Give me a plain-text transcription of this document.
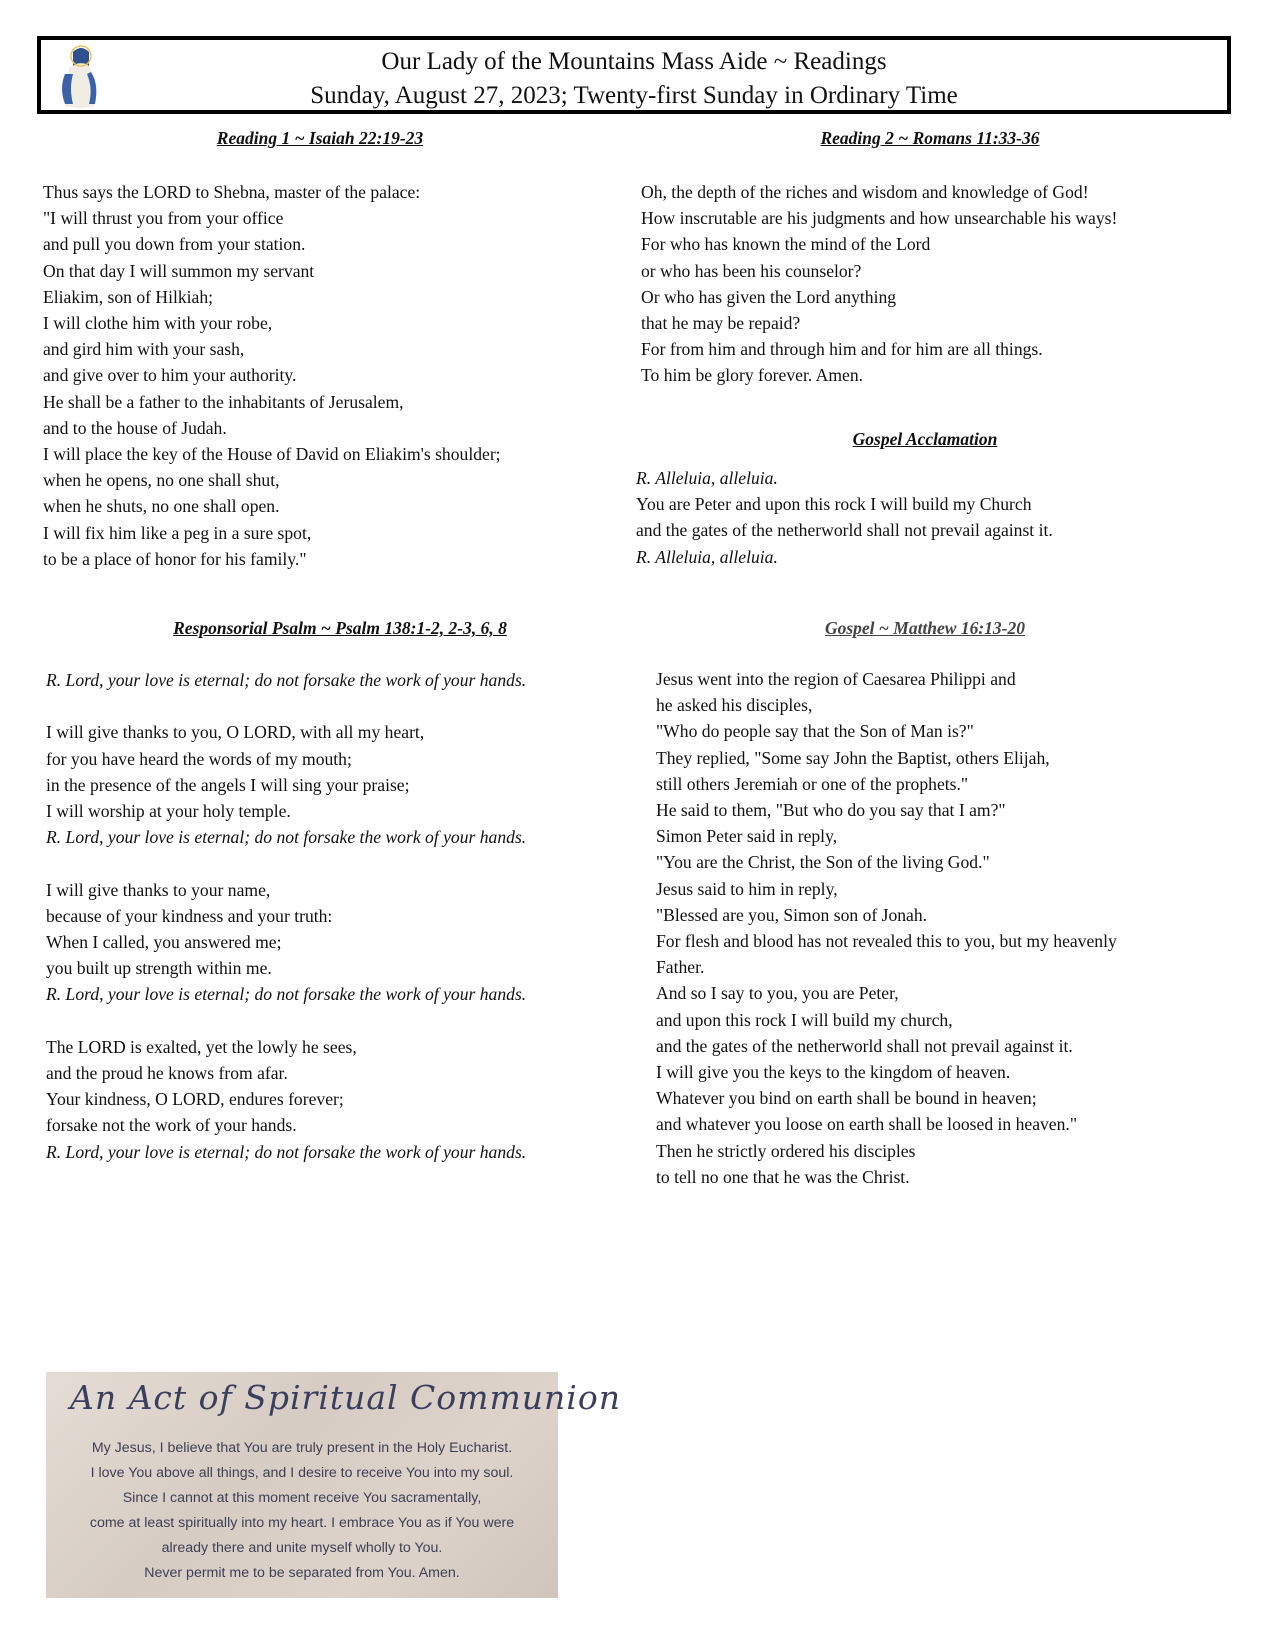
Our Lady of the Mountains Mass Aide ~ Readings
Sunday, August 27, 2023; Twenty-first Sunday in Ordinary Time
Reading 1 ~ Isaiah 22:19-23
Thus says the LORD to Shebna, master of the palace:
"I will thrust you from your office
and pull you down from your station.
On that day I will summon my servant
Eliakim, son of Hilkiah;
I will clothe him with your robe,
and gird him with your sash,
and give over to him your authority.
He shall be a father to the inhabitants of Jerusalem,
and to the house of Judah.
I will place the key of the House of David on Eliakim's shoulder;
when he opens, no one shall shut,
when he shuts, no one shall open.
I will fix him like a peg in a sure spot,
to be a place of honor for his family."
Reading 2 ~ Romans 11:33-36
Oh, the depth of the riches and wisdom and knowledge of God!
How inscrutable are his judgments and how unsearchable his ways!
For who has known the mind of the Lord
or who has been his counselor?
Or who has given the Lord anything
that he may be repaid?
For from him and through him and for him are all things.
To him be glory forever. Amen.
Gospel Acclamation
R. Alleluia, alleluia.
You are Peter and upon this rock I will build my Church
and the gates of the netherworld shall not prevail against it.
R. Alleluia, alleluia.
Responsorial Psalm ~ Psalm 138:1-2, 2-3, 6, 8
R. Lord, your love is eternal; do not forsake the work of your hands.

I will give thanks to you, O LORD, with all my heart,
for you have heard the words of my mouth;
in the presence of the angels I will sing your praise;
I will worship at your holy temple.
R. Lord, your love is eternal; do not forsake the work of your hands.

I will give thanks to your name,
because of your kindness and your truth:
When I called, you answered me;
you built up strength within me.
R. Lord, your love is eternal; do not forsake the work of your hands.

The LORD is exalted, yet the lowly he sees,
and the proud he knows from afar.
Your kindness, O LORD, endures forever;
forsake not the work of your hands.
R. Lord, your love is eternal; do not forsake the work of your hands.
Gospel ~ Matthew 16:13-20
Jesus went into the region of Caesarea Philippi and
he asked his disciples,
"Who do people say that the Son of Man is?"
They replied, "Some say John the Baptist, others Elijah,
still others Jeremiah or one of the prophets."
He said to them, "But who do you say that I am?"
Simon Peter said in reply,
"You are the Christ, the Son of the living God."
Jesus said to him in reply,
"Blessed are you, Simon son of Jonah.
For flesh and blood has not revealed this to you, but my heavenly
Father.
And so I say to you, you are Peter,
and upon this rock I will build my church,
and the gates of the netherworld shall not prevail against it.
I will give you the keys to the kingdom of heaven.
Whatever you bind on earth shall be bound in heaven;
and whatever you loose on earth shall be loosed in heaven."
Then he strictly ordered his disciples
to tell no one that he was the Christ.
An Act of Spiritual Communion
My Jesus, I believe that You are truly present in the Holy Eucharist.
I love You above all things, and I desire to receive You into my soul.
Since I cannot at this moment receive You sacramentally,
come at least spiritually into my heart. I embrace You as if You were
already there and unite myself wholly to You.
Never permit me to be separated from You. Amen.
